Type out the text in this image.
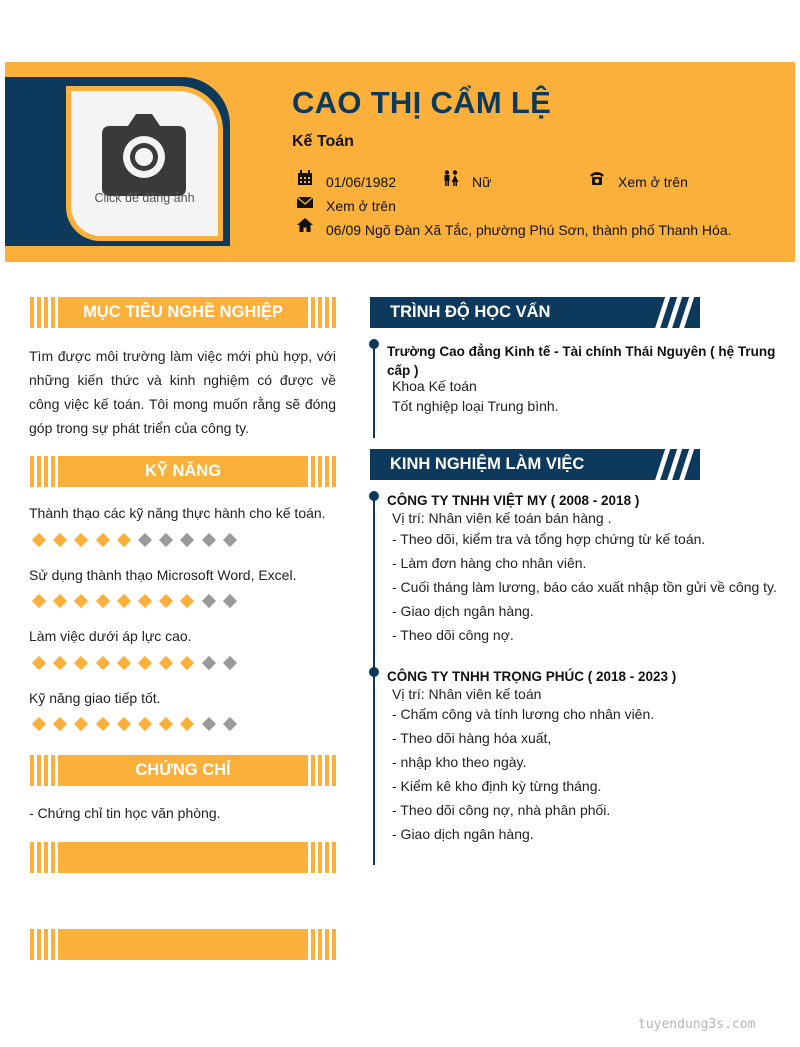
Click để đăng ảnh
CAO THỊ CẨM LỆ
Kế Toán
01/06/1982	Nữ	Xem ở trên
Xem ở trên
06/09 Ngõ Đàn Xã Tắc, phường Phú Sơn, thành phố Thanh Hóa.
MỤC TIÊU NGHỀ NGHIỆP
Tìm được môi trường làm việc mới phù hợp, với những kiến thức và kinh nghiệm có được về công việc kế toán. Tôi mong muốn rằng sẽ đóng góp trong sự phát triển của công ty.
KỸ NĂNG
Thành thạo các kỹ năng thực hành cho kế toán.
Sử dụng thành thạo Microsoft Word, Excel.
Làm việc dưới áp lực cao.
Kỹ năng giao tiếp tốt.
CHỨNG CHỈ
- Chứng chỉ tin học văn phòng.
TRÌNH ĐỘ HỌC VẤN
Trường Cao đẳng Kinh tế - Tài chính Thái Nguyên ( hệ Trung cấp )
Khoa Kế toán
Tốt nghiệp loại Trung bình.
KINH NGHIỆM LÀM VIỆC
CÔNG TY TNHH VIỆT MY ( 2008 - 2018 )
Vị trí: Nhân viên kế toán bán hàng .
- Theo dõi, kiểm tra và tổng hợp chứng từ kế toán.
- Làm đơn hàng cho nhân viên.
- Cuối tháng làm lương, báo cáo xuất nhập tồn gửi về công ty.
- Giao dịch ngân hàng.
- Theo dõi công nợ.
CÔNG TY TNHH TRỌNG PHÚC ( 2018 - 2023 )
Vị trí: Nhân viên kế toán
- Chấm công và tính lương cho nhân viên.
- Theo dõi hàng hóa xuất,
- nhập kho theo ngày.
- Kiểm kê kho định kỳ từng tháng.
- Theo dõi công nợ, nhà phân phối.
- Giao dịch ngân hàng.
tuyendung3s.com
